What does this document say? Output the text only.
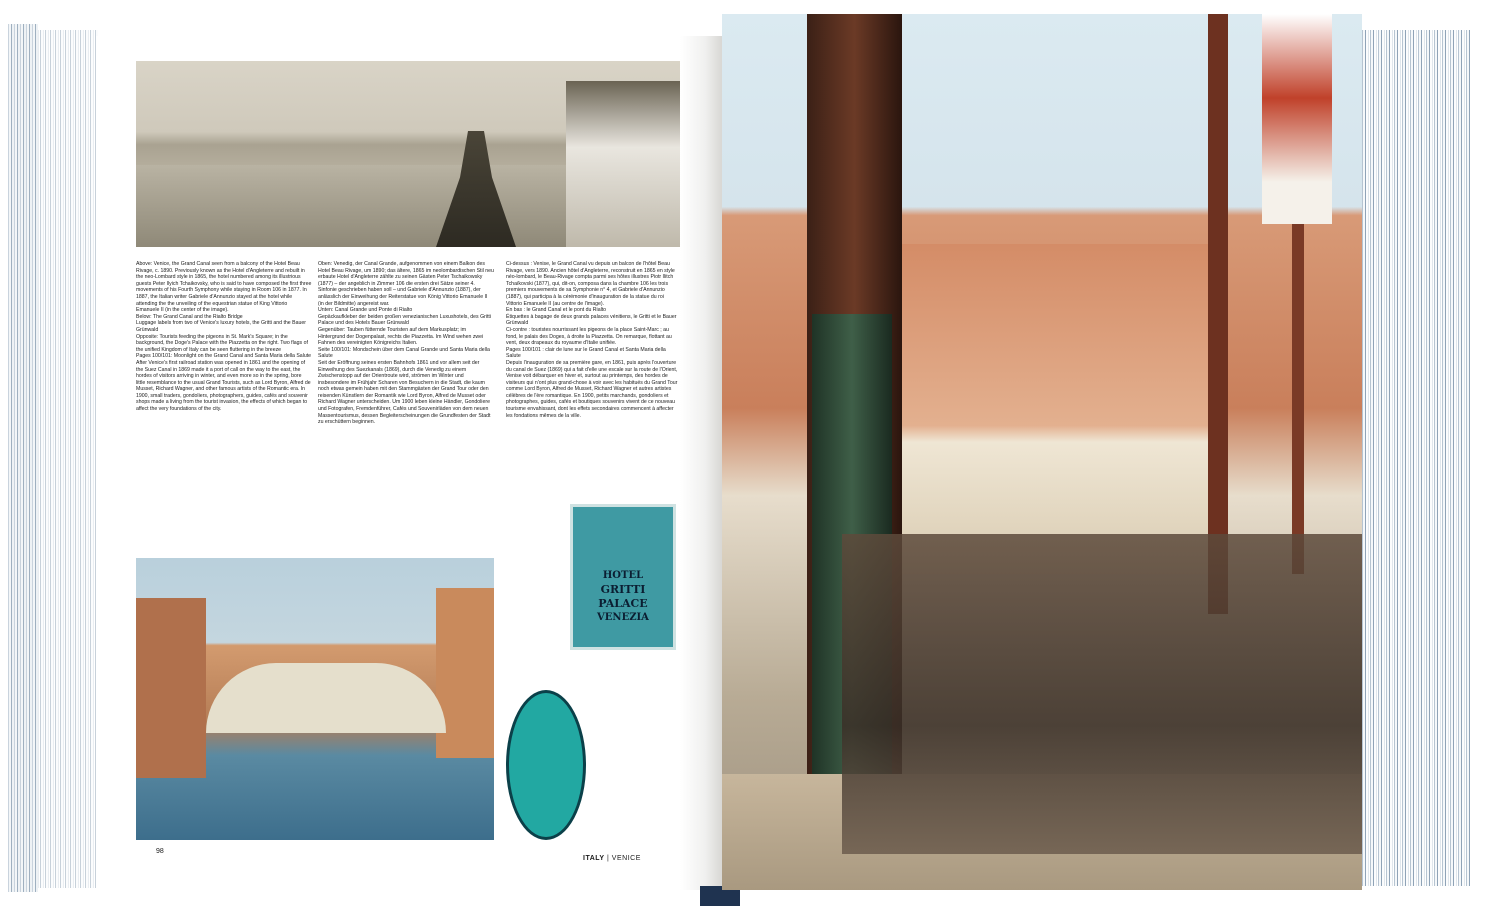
Above: Venice, the Grand Canal seen from a balcony of the Hotel Beau Rivage, c. 1890. Previously known as the Hotel d'Angleterre and rebuilt in the neo-Lombard style in 1865, the hotel numbered among its illustrious guests Peter Ilyich Tchaikovsky, who is said to have composed the first three movements of his Fourth Symphony while staying in Room 106 in 1877. In 1887, the Italian writer Gabriele d'Annunzio stayed at the hotel while attending the the unveiling of the equestrian statue of King Vittorio Emanuele II (in the center of the image).
Below: The Grand Canal and the Rialto Bridge
Luggage labels from two of Venice's luxury hotels, the Gritti and the Bauer Grünwald
Opposite: Tourists feeding the pigeons in St. Mark's Square; in the background, the Doge's Palace with the Piazzetta on the right. Two flags of the unified Kingdom of Italy can be seen fluttering in the breeze
Pages 100/101: Moonlight on the Grand Canal and Santa Maria della Salute
After Venice's first railroad station was opened in 1861 and the opening of the Suez Canal in 1869 made it a port of call on the way to the east, the hordes of visitors arriving in winter, and even more so in the spring, bore little resemblance to the usual Grand Tourists, such as Lord Byron, Alfred de Musset, Richard Wagner, and other famous artists of the Romantic era. In 1900, small traders, gondoliers, photographers, guides, cafés and souvenir shops made a living from the tourist invasion, the effects of which began to affect the very foundations of the city.
Oben: Venedig, der Canal Grande, aufgenommen von einem Balkon des Hotel Beau Rivage, um 1890; das ältere, 1865 im neolombardischen Stil neu erbaute Hotel d'Angleterre zählte zu seinen Gästen Peter Tschaikowsky (1877) – der angeblich in Zimmer 106 die ersten drei Sätze seiner 4. Sinfonie geschrieben haben soll – und Gabriele d'Annunzio (1887), der anlässlich der Einweihung der Reiterstatue von König Vittorio Emanuele II (in der Bildmitte) angereist war.
Unten: Canal Grande und Ponte di Rialto
Gepäckaufkleber der beiden großen venezianischen Luxushotels, des Gritti Palace und des Hotels Bauer Grünwald
Gegenüber: Tauben fütternde Touristen auf dem Markusplatz; im Hintergrund der Dogenpalast, rechts die Piazzetta. Im Wind wehen zwei Fahnen des vereinigten Königreichs Italien.
Seite 100/101: Mondschein über dem Canal Grande und Santa Maria della Salute
Seit der Eröffnung seines ersten Bahnhofs 1861 und vor allem seit der Einweihung des Suezkanals (1869), durch die Venedig zu einem Zwischenstopp auf der Orientroute wird, strömen im Winter und insbesondere im Frühjahr Scharen von Besuchern in die Stadt, die kaum noch etwas gemein haben mit den Stammgästen der Grand Tour oder den reisenden Künstlern der Romantik wie Lord Byron, Alfred de Musset oder Richard Wagner unterscheiden. Um 1900 leben kleine Händler, Gondoliere und Fotografen, Fremdenführer, Cafés und Souvenirläden von dem neuen Massentourismus, dessen Begleiterscheinungen die Grundfesten der Stadt zu erschüttern beginnen.
Ci-dessus : Venise, le Grand Canal vu depuis un balcon de l'hôtel Beau Rivage, vers 1890. Ancien hôtel d'Angleterre, reconstruit en 1865 en style néo-lombard, le Beau-Rivage compta parmi ses hôtes illustres Piotr Ilitch Tchaïkovski (1877), qui, dit-on, composa dans la chambre 106 les trois premiers mouvements de sa Symphonie n° 4, et Gabriele d'Annunzio (1887), qui participa à la cérémonie d'inauguration de la statue du roi Vittorio Emanuele II (au centre de l'image).
En bas : le Grand Canal et le pont du Rialto
Étiquettes à bagage de deux grands palaces vénitiens, le Gritti et le Bauer Grünwald
Ci-contre : touristes nourrissant les pigeons de la place Saint-Marc ; au fond, le palais des Doges, à droite la Piazzetta. On remarque, flottant au vent, deux drapeaux du royaume d'Italie unifiée.
Pages 100/101 : clair de lune sur le Grand Canal et Santa Maria della Salute
Depuis l'inauguration de sa première gare, en 1861, puis après l'ouverture du canal de Suez (1869) qui a fait d'elle une escale sur la route de l'Orient, Venise voit débarquer en hiver et, surtout au printemps, des hordes de visiteurs qui n'ont plus grand-chose à voir avec les habitués du Grand Tour comme Lord Byron, Alfred de Musset, Richard Wagner et autres artistes célèbres de l'ère romantique. En 1900, petits marchands, gondoliers et photographes, guides, cafés et boutiques souvenirs vivent de ce nouveau tourisme envahissant, dont les effets secondaires commencent à affecter les fondations mêmes de la ville.
HOTEL
GRITTI PALACE
VENEZIA
98
ITALY | VENICE
